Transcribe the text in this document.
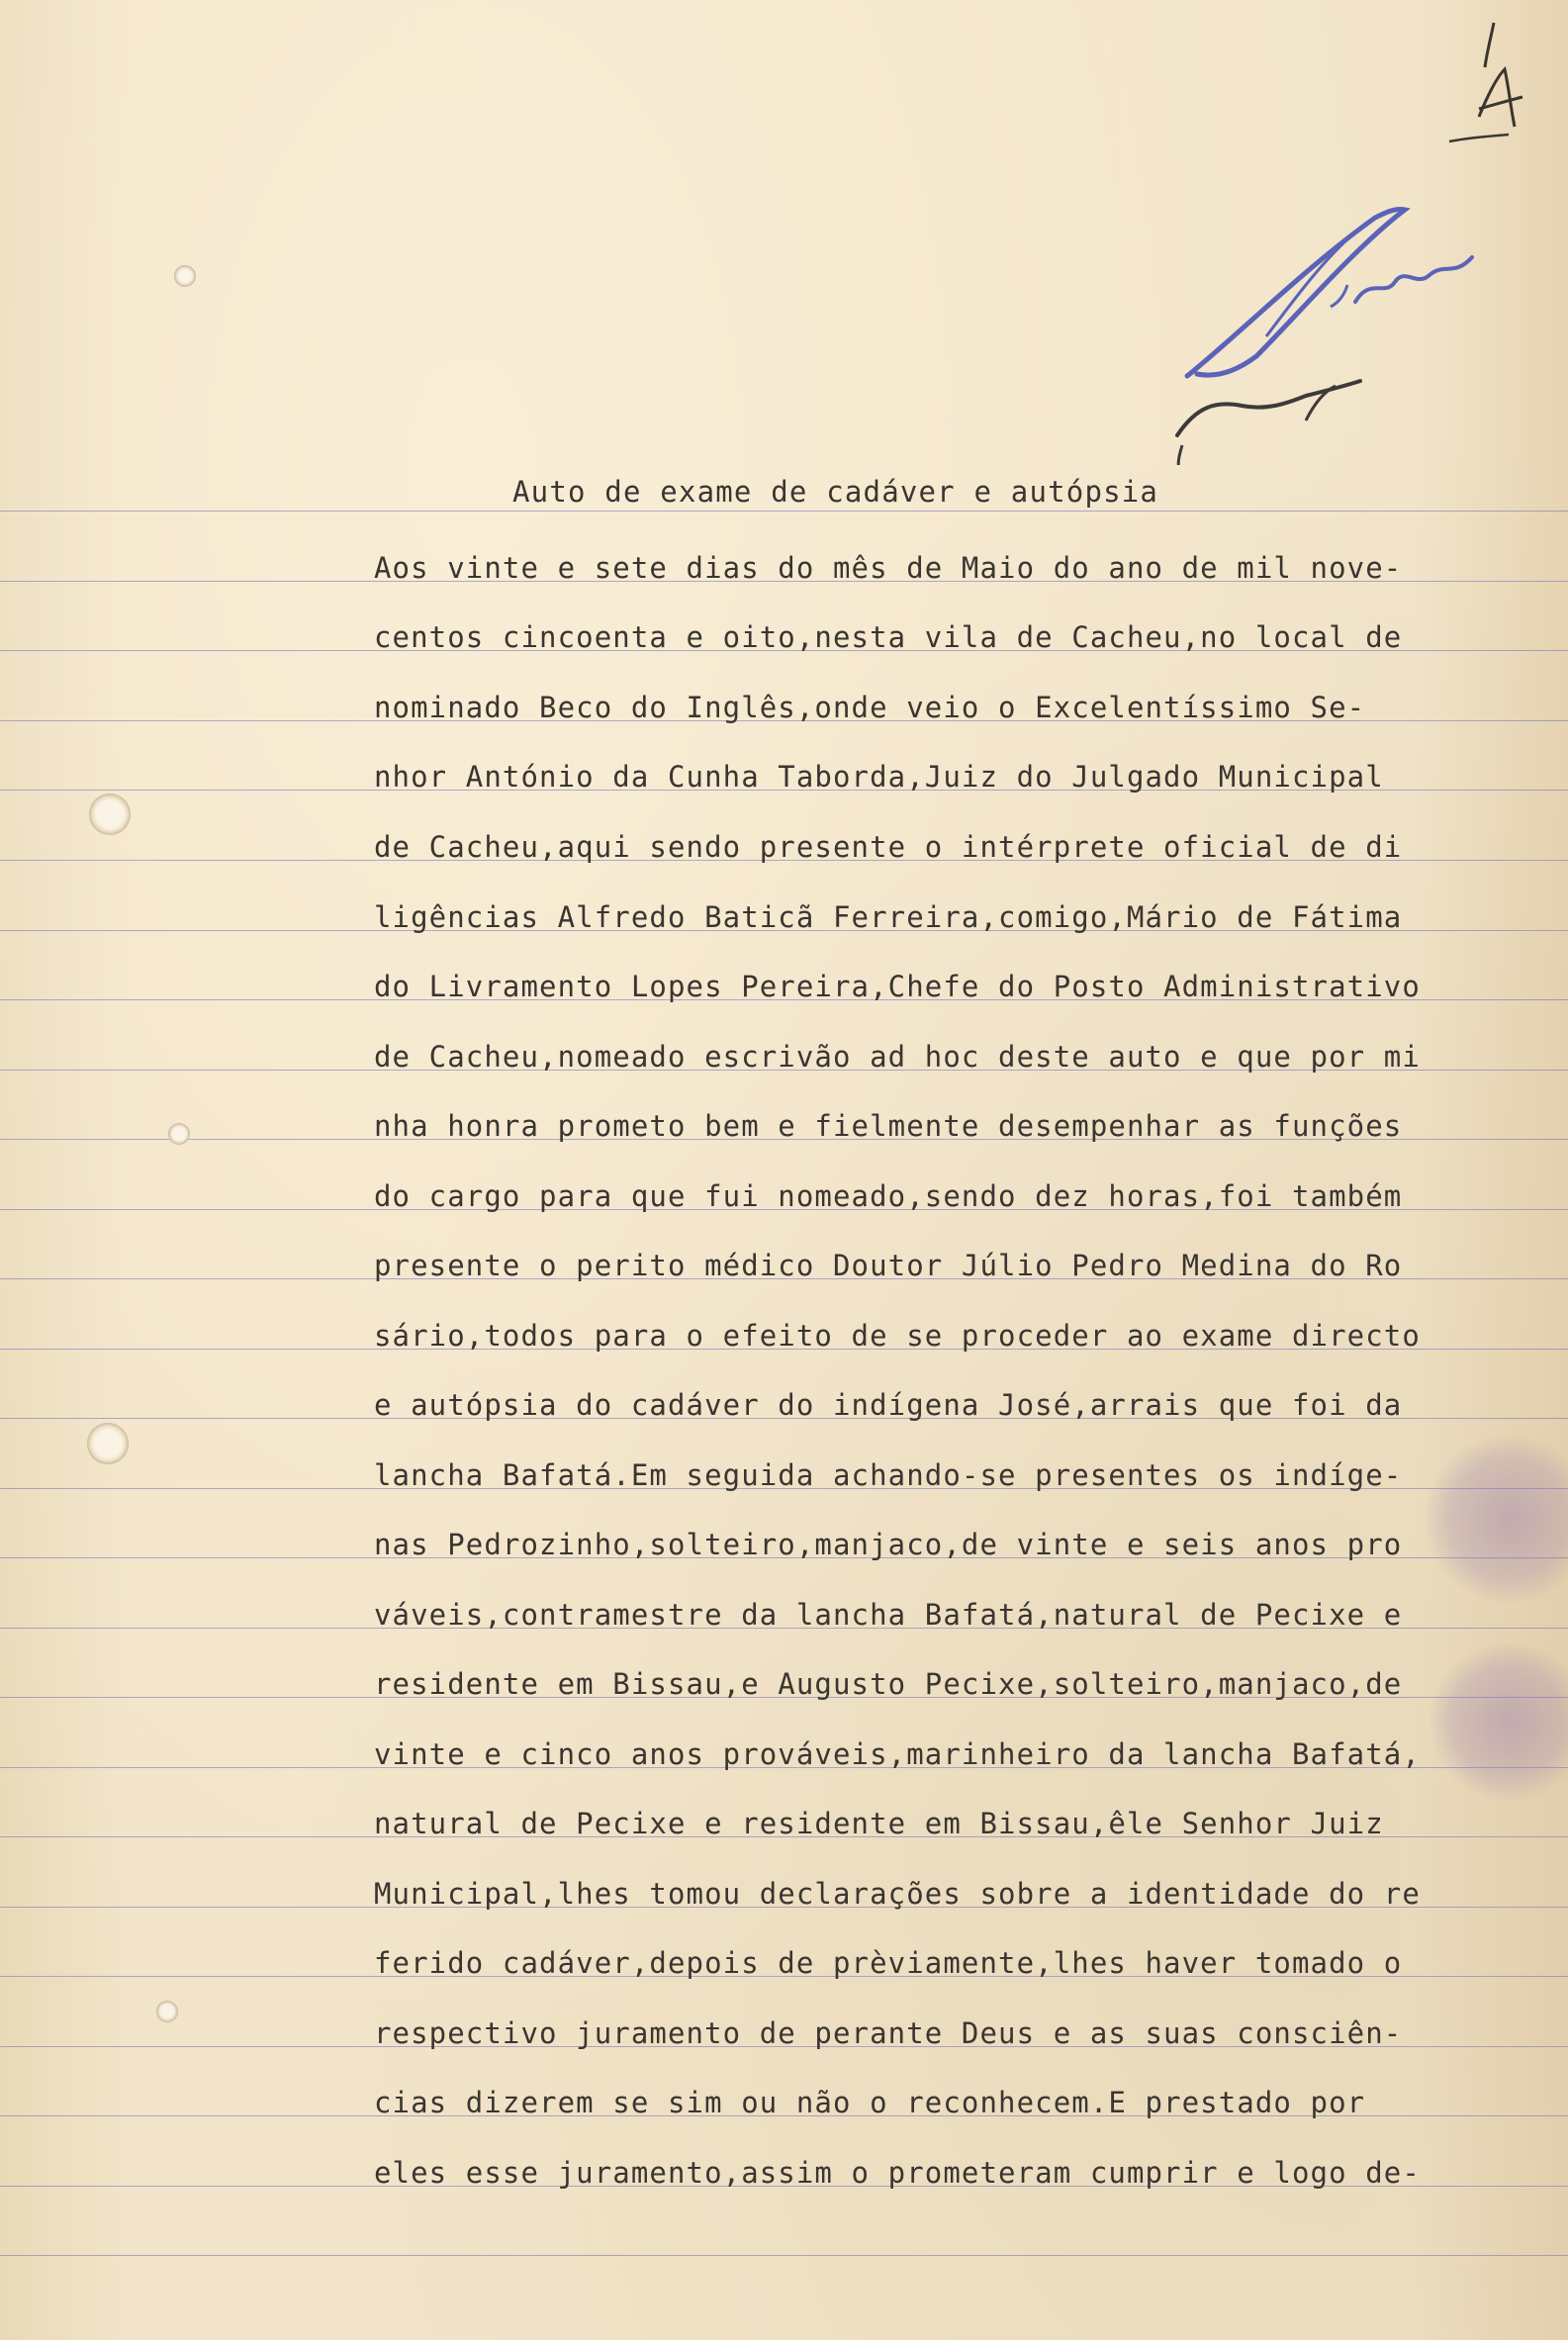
Auto de exame de cadáver e autópsia
Aos vinte e sete dias do mês de Maio do ano de mil nove-
centos cincoenta e oito,nesta vila de Cacheu,no local de
nominado Beco do Inglês,onde veio o Excelentíssimo Se-
nhor António da Cunha Taborda,Juiz do Julgado Municipal
de Cacheu,aqui sendo presente o intérprete oficial de di
ligências Alfredo Baticã Ferreira,comigo,Mário de Fátima
do Livramento Lopes Pereira,Chefe do Posto Administrativo
de Cacheu,nomeado escrivão ad hoc deste auto e que por mi
nha honra prometo bem e fielmente desempenhar as funções
do cargo para que fui nomeado,sendo dez horas,foi também
presente o perito médico Doutor Júlio Pedro Medina do Ro
sário,todos para o efeito de se proceder ao exame directo
e autópsia do cadáver do indígena José,arrais que foi da
lancha Bafatá.Em seguida achando-se presentes os indíge-
nas Pedrozinho,solteiro,manjaco,de vinte e seis anos pro
váveis,contramestre da lancha Bafatá,natural de Pecixe e
residente em Bissau,e Augusto Pecixe,solteiro,manjaco,de
vinte e cinco anos prováveis,marinheiro da lancha Bafatá,
natural de Pecixe e residente em Bissau,êle Senhor Juiz
Municipal,lhes tomou declarações sobre a identidade do re
ferido cadáver,depois de prèviamente,lhes haver tomado o
respectivo juramento de perante Deus e as suas consciên-
cias dizerem se sim ou não o reconhecem.E prestado por
eles esse juramento,assim o prometeram cumprir e logo de-
